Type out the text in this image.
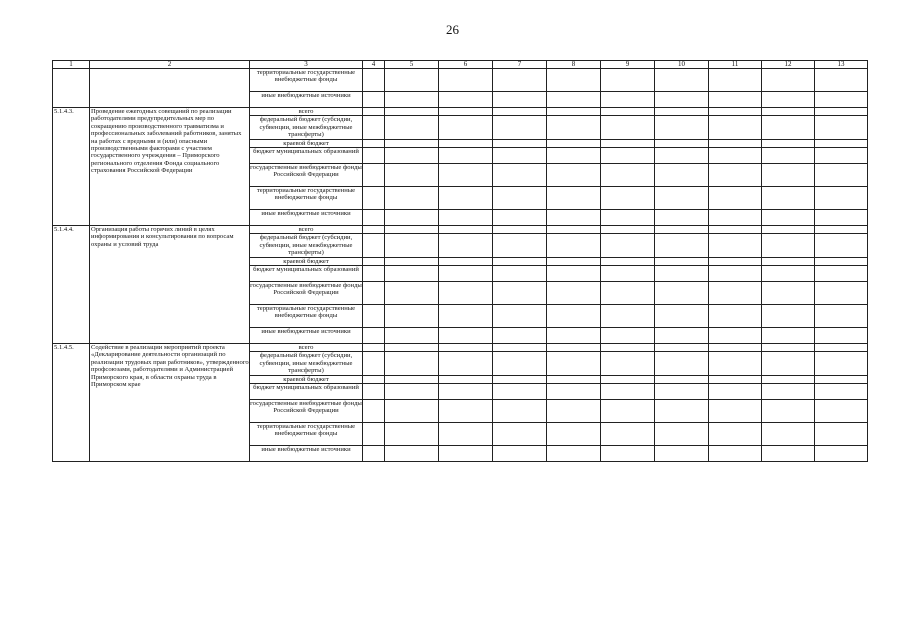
26
1	2	3	4	5	6	7	8	9	10	11	12	13
		территориальные государственные внебюджетные фонды										
		иные внебюджетные источники										
5.1.4.3.	Проведение ежегодных совещаний по реализации работодателями предупредительных мер по сокращению производственного травматизма и профессиональных заболеваний работников, занятых на работах с вредными и (или) опасными производственными факторами с участием государственного учреждения – Приморского регионального отделения Фонда социального страхования Российской Федерации	всего										
		федеральный бюджет (субсидии, субвенции, иные межбюджетные трансферты)										
		краевой бюджет										
		бюджет муниципальных образований										
		государственные внебюджетные фонды Российской Федерации										
		территориальные государственные внебюджетные фонды										
		иные внебюджетные источники										
5.1.4.4.	Организация работы горячих линий в целях информирования и консультирования по вопросам охраны и условий труда	всего										
		федеральный бюджет (субсидии, субвенции, иные межбюджетные трансферты)										
		краевой бюджет										
		бюджет муниципальных образований										
		государственные внебюджетные фонды Российской Федерации										
		территориальные государственные внебюджетные фонды										
		иные внебюджетные источники										
5.1.4.5.	Содействие в реализации мероприятий проекта «Декларирование деятельности организаций по реализации трудовых прав работников», утвержденного профсоюзами, работодателями и Администрацией Приморского края, в области охраны труда в Приморском крае	всего										
		федеральный бюджет (субсидии, субвенции, иные межбюджетные трансферты)										
		краевой бюджет										
		бюджет муниципальных образований										
		государственные внебюджетные фонды Российской Федерации										
		территориальные государственные внебюджетные фонды										
		иные внебюджетные источники										
